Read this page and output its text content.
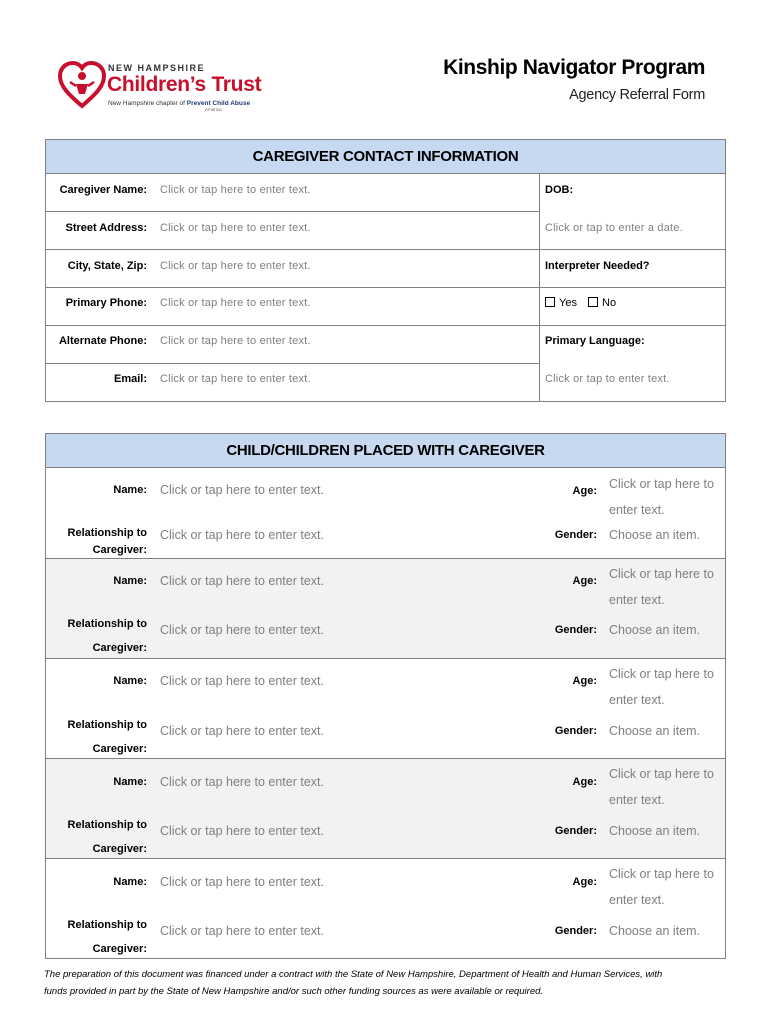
NEW HAMPSHIRE
Children’s Trust
New Hampshire chapter of Prevent Child Abuse
America
Kinship Navigator Program
Agency Referral Form
CAREGIVER CONTACT INFORMATION
Caregiver Name: Click or tap here to enter text.
Street Address: Click or tap here to enter text.
City, State, Zip: Click or tap here to enter text.
Primary Phone: Click or tap here to enter text.
Alternate Phone: Click or tap here to enter text.
Email: Click or tap here to enter text.
DOB:
Click or tap to enter a date.
Interpreter Needed?
Yes No
Primary Language:
Click or tap to enter text.
CHILD/CHILDREN PLACED WITH CAREGIVER
Name: Click or tap here to enter text.
Relationship to
Caregiver:
Click or tap here to enter text.
Age: Click or tap here to
enter text.
Gender: Choose an item.
Name: Click or tap here to enter text.
Relationship to
Caregiver:
Click or tap here to enter text.
Age: Click or tap here to
enter text.
Gender: Choose an item.
Name: Click or tap here to enter text.
Relationship to
Caregiver:
Click or tap here to enter text.
Age: Click or tap here to
enter text.
Gender: Choose an item.
Name: Click or tap here to enter text.
Relationship to
Caregiver:
Click or tap here to enter text.
Age:
Click or tap here to
enter text.
Gender: Choose an item.
Name: Click or tap here to enter text.
Relationship to
Caregiver:
Click or tap here to enter text.
Age:
Click or tap here to
enter text.
Gender: Choose an item.
The preparation of this document was financed under a contract with the State of New Hampshire, Department of Health and Human Services, with
funds provided in part by the State of New Hampshire and/or such other funding sources as were available or required.
